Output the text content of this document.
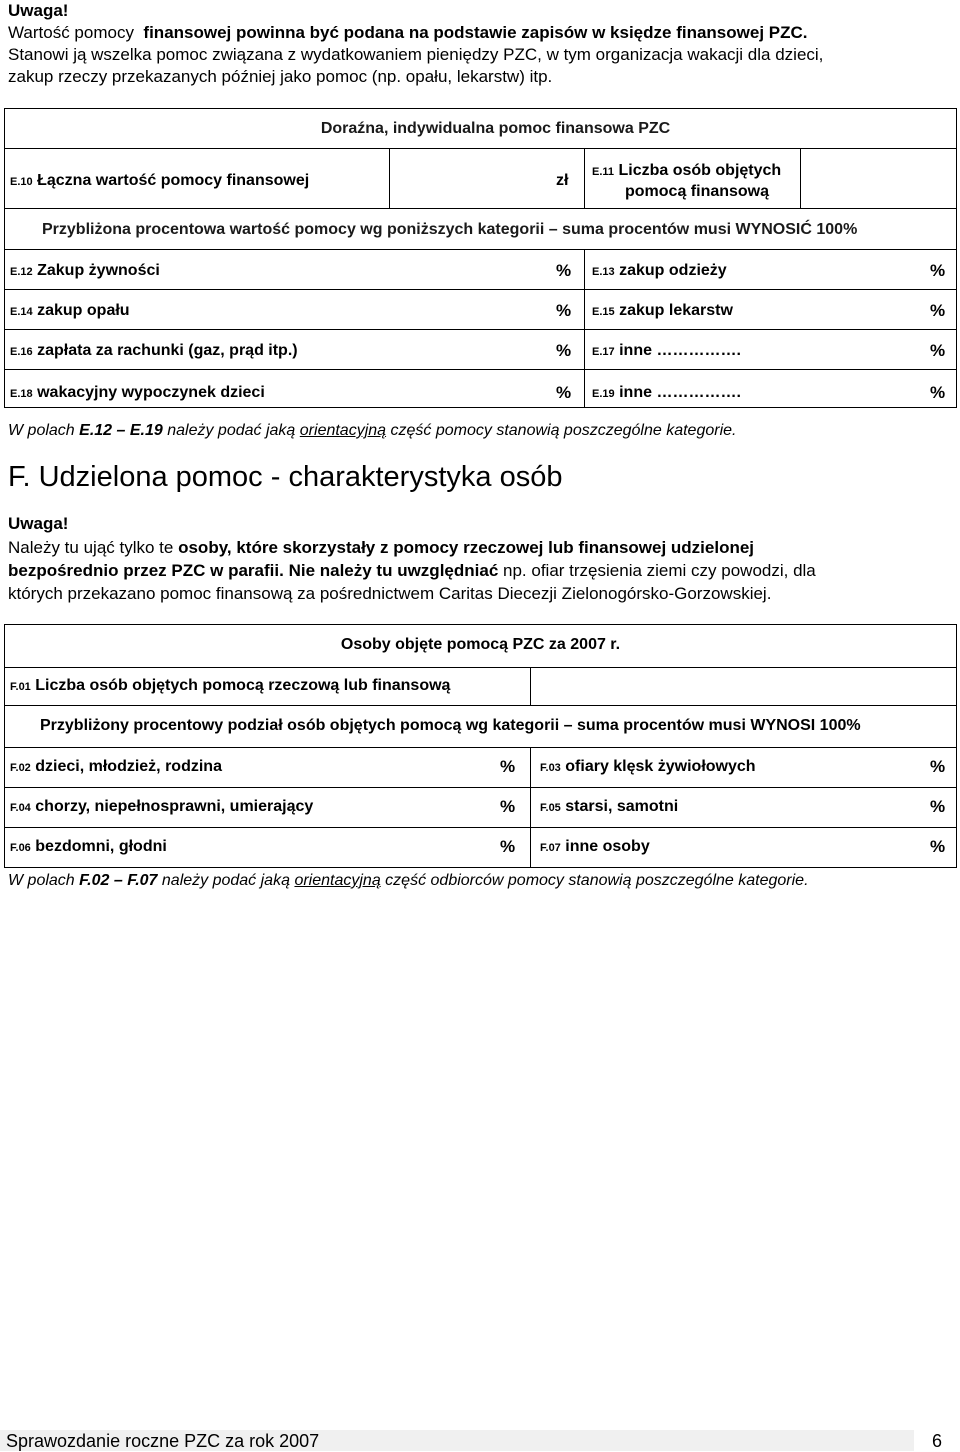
Uwaga!
Wartość pomocy finansowej powinna być podana na podstawie zapisów w księdze finansowej PZC.
Stanowi ją wszelka pomoc związana z wydatkowaniem pieniędzy PZC, w tym organizacja wakacji dla dzieci,
zakup rzeczy przekazanych później jako pomoc (np. opału, lekarstw) itp.
Doraźna, indywidualna pomoc finansowa PZC
E.10 Łączna wartość pomocy finansowej	zł E.11 Liczba osób objętych
pomocą finansową
Przybliżona procentowa wartość pomocy wg poniższych kategorii – suma procentów musi WYNOSIĆ 100%
E.12 Zakup żywności	% E.13 zakup odzieży	%
E.14 zakup opału	% E.15 zakup lekarstw	%
E.16 zapłata za rachunki (gaz, prąd itp.)	% E.17 inne …………….	%
E.18 wakacyjny wypoczynek dzieci	% E.19 inne …………….	%
W polach E.12 – E.19 należy podać jaką orientacyjną część pomocy stanowią poszczególne kategorie.
F. Udzielona pomoc - charakterystyka osób
Uwaga!
Należy tu ująć tylko te osoby, które skorzystały z pomocy rzeczowej lub finansowej udzielonej
bezpośrednio przez PZC w parafii. Nie należy tu uwzględniać np. ofiar trzęsienia ziemi czy powodzi, dla
których przekazano pomoc finansową za pośrednictwem Caritas Diecezji Zielonogórsko-Gorzowskiej.
Osoby objęte pomocą PZC za 2007 r.
F.01 Liczba osób objętych pomocą rzeczową lub finansową
Przybliżony procentowy podział osób objętych pomocą wg kategorii – suma procentów musi WYNOSI 100%
F.02 dzieci, młodzież, rodzina	% F.03 ofiary klęsk żywiołowych	%
F.04 chorzy, niepełnosprawni, umierający	% F.05 starsi, samotni	%
F.06 bezdomni, głodni	% F.07 inne osoby	%
W polach F.02 – F.07 należy podać jaką orientacyjną część odbiorców pomocy stanowią poszczególne kategorie.
Sprawozdanie roczne PZC za rok 2007	6
